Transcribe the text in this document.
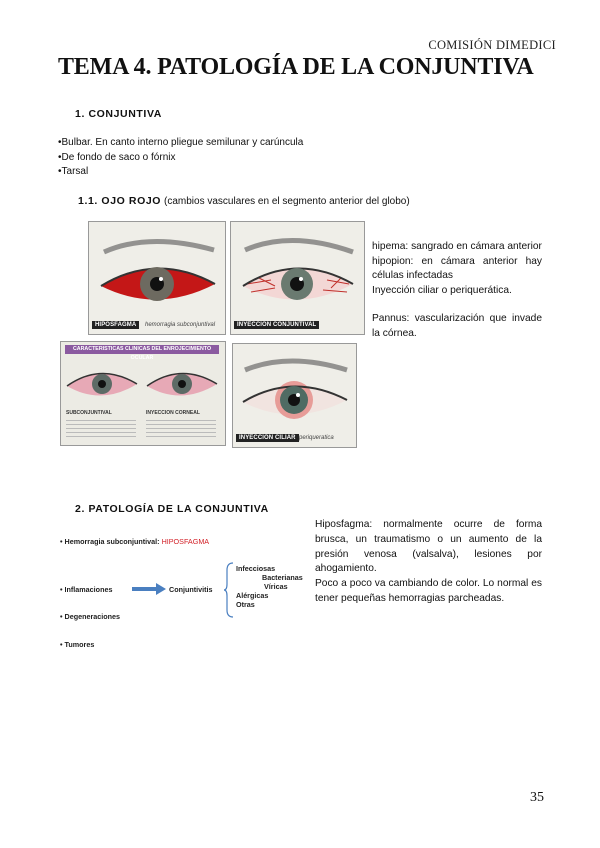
COMISIÓN DIMEDICI
TEMA 4. PATOLOGÍA DE LA CONJUNTIVA
1. CONJUNTIVA
• Bulbar. En canto interno pliegue semilunar y carúncula
• De fondo de saco o fórnix
• Tarsal
1.1. OJO ROJO (cambios vasculares en el segmento anterior del globo)
HIPOSFAGMA	hemorragia subconjuntival	INYECCION CONJUNTIVAL
CARACTERISTICAS CLINICAS DEL ENROJECIMIENTO OCULAR
SUBCONJUNTIVAL	INYECCION CORNEAL
INYECCION CILIAR periqueratica
hipema: sangrado en cámara anterior
hipopion: en cámara anterior hay células infectadas
Inyección ciliar o periquerática.
Pannus: vascularización que invade la córnea.
2. PATOLOGÍA DE LA CONJUNTIVA
• Hemorragia subconjuntival: HIPOSFAGMA
• Inflamaciones	Conjuntivitis
Infecciosas
Bacterianas
Víricas
Alérgicas
Otras
• Degeneraciones
• Tumores
Hiposfagma: normalmente ocurre de forma brusca, un traumatismo o un aumento de la presión venosa (valsalva), lesiones por ahogamiento.
Poco a poco va cambiando de color. Lo normal es tener pequeñas hemorragias parcheadas.
35
